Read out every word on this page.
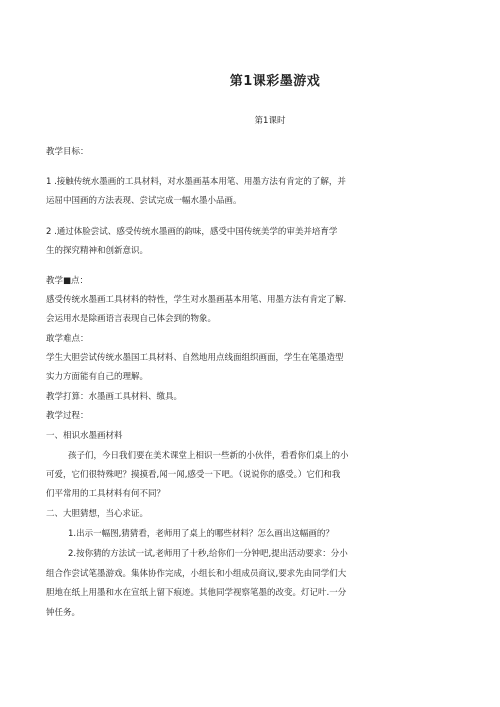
第1课彩墨游戏
第1课时
教学目标：
1 .接触传统水墨画的工具材料，对水墨画基本用笔、用墨方法有肯定的了解，并
运屈中国画的方法表现、尝试完成一幅水墨小品画。
2 .通过体脸尝试、感受传统水墨画的韵味，感受中国传统美学的审美并培育学
生的探究精神和创新意识。
教学■点：
感受传统水墨画工具材料的特性，学生对水墨画基本用笔、用墨方法有肯定了解.
会运用水是除画语言表现自己体会到的物象。
敢学难点：
学生大胆尝试传统水墨国工具材料、自然地用点线面组织画面，学生在笔墨造型
实力方面能有自己的理解。
教学打算：水墨画工具材料、缴具。
教学过程：
一、相识水墨画材料
孩子们，今日我们要在美术课堂上相识一些新的小伙伴，看看你们桌上的小
可爱，它们很特殊吧？摸摸看,闻一闻,感受一下吧。（说说你的感受。）它们和我
们平常用的工具材料有何不同？
二、大胆猜想，当心求证。
1.出示一幅图,猜猜看，老师用了桌上的哪些材料？怎么画出这幅画的？
2.按你猜的方法试一试,老师用了十秒,给你们一分钟吧,提出活动要求：分小
组合作尝试笔墨游戏。集体协作完成，小组长和小组成员商议,要求先由同学们大
胆地在纸上用墨和水在宣纸上留下痕迹。其他同学视察笔墨的改变。灯记叶.一分
钟任务。
